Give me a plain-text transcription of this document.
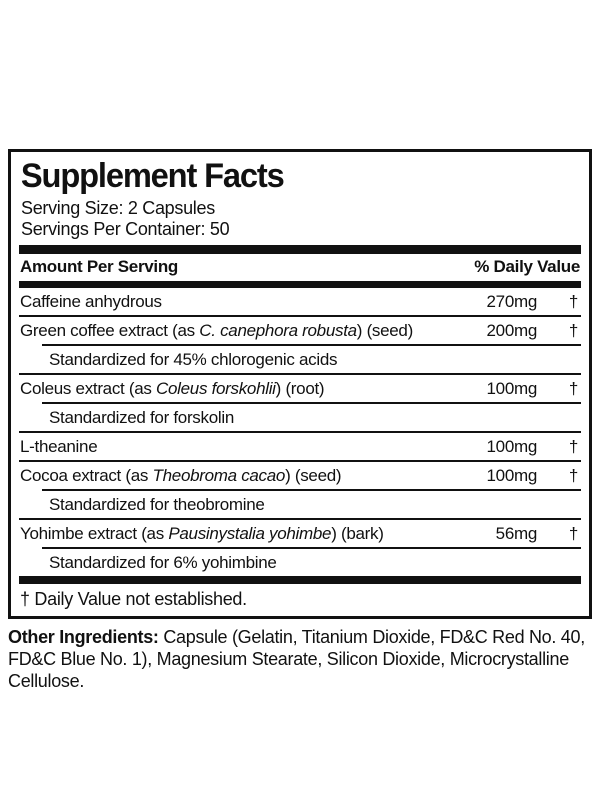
Supplement Facts
Serving Size: 2 Capsules
Servings Per Container: 50
Amount Per Serving	% Daily Value
Caffeine anhydrous	270mg	†
Green coffee extract (as C. canephora robusta) (seed)	200mg	†
Standardized for 45% chlorogenic acids
Coleus extract (as Coleus forskohlii) (root)	100mg	†
Standardized for forskolin
L-theanine	100mg	†
Cocoa extract (as Theobroma cacao) (seed)	100mg	†
Standardized for theobromine
Yohimbe extract (as Pausinystalia yohimbe) (bark)	56mg	†
Standardized for 6% yohimbine
† Daily Value not established.

Other Ingredients: Capsule (Gelatin, Titanium Dioxide, FD&C Red No. 40, FD&C Blue No. 1), Magnesium Stearate, Silicon Dioxide, Microcrystalline Cellulose.
